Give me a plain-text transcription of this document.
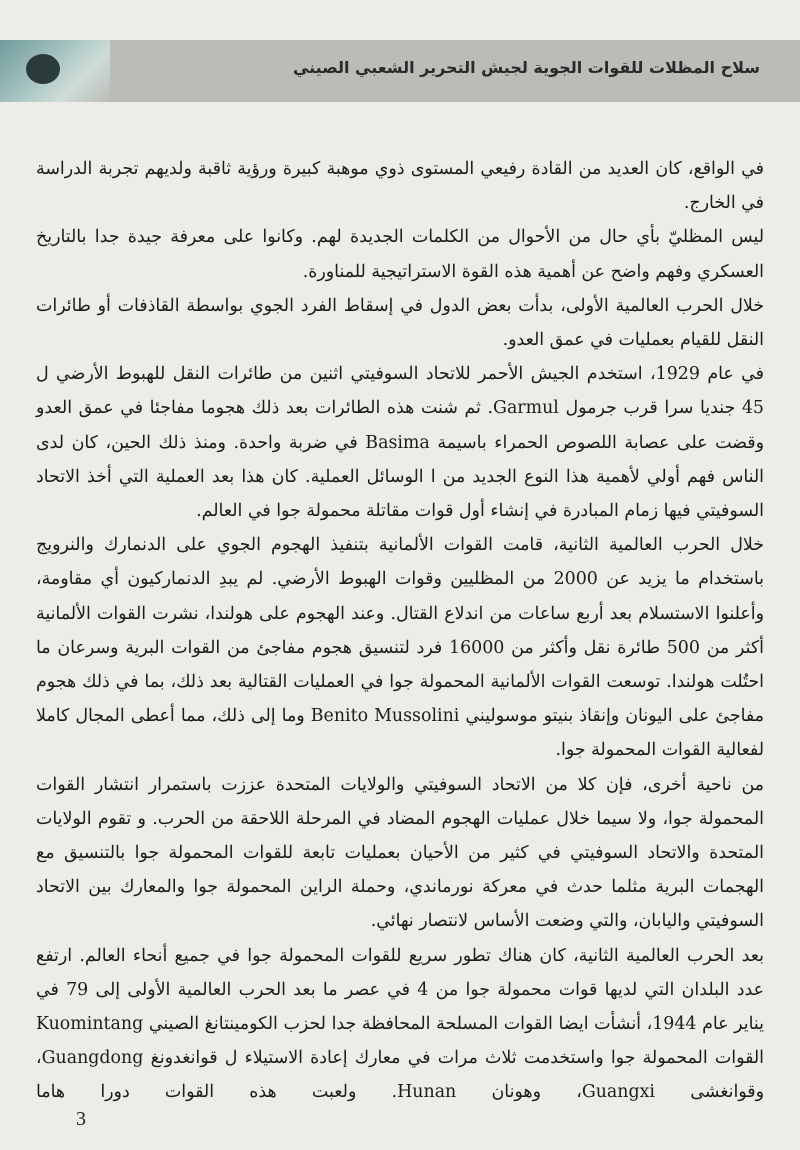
سلاح المظلات للقوات الجوية لجيش التحرير الشعبي الصيني

في الواقع، كان العديد من القادة رفيعي المستوى ذوي موهبة كبيرة ورؤية ثاقبة ولديهم تجربة الدراسة في الخارج.

ليس المظليّ بأي حال من الأحوال من الكلمات الجديدة لهم. وكانوا على معرفة جيدة جدا بالتاريخ العسكري وفهم واضح عن أهمية هذه القوة الاستراتيجية للمناورة.

خلال الحرب العالمية الأولى، بدأت بعض الدول في إسقاط الفرد الجوي بواسطة القاذفات أو طائرات النقل للقيام بعمليات في عمق العدو.

في عام 1929، استخدم الجيش الأحمر للاتحاد السوفيتي اثنين من طائرات النقل للهبوط الأرضي ل 45 جنديا سرا قرب جرمول Garmul. ثم شنت هذه الطائرات بعد ذلك هجوما مفاجئا في عمق العدو وقضت على عصابة اللصوص الحمراء باسيمة Basima في ضربة واحدة. ومنذ ذلك الحين، كان لدى الناس فهم أولي لأهمية هذا النوع الجديد من ا الوسائل العملية. كان هذا بعد العملية التي أخذ الاتحاد السوفيتي فيها زمام المبادرة في إنشاء أول قوات مقاتلة محمولة جوا في العالم.

خلال الحرب العالمية الثانية، قامت القوات الألمانية بتنفيذ الهجوم الجوي على الدنمارك والنرويج باستخدام ما يزيد عن 2000 من المظليين وقوات الهبوط الأرضي. لم يبدِ الدنماركيون أي مقاومة، وأعلنوا الاستسلام بعد أربع ساعات من اندلاع القتال. وعند الهجوم على هولندا، نشرت القوات الألمانية أكثر من 500 طائرة نقل وأكثر من 16000 فرد لتنسيق هجوم مفاجئ من القوات البرية وسرعان ما احتُلت هولندا. توسعت القوات الألمانية المحمولة جوا في العمليات القتالية بعد ذلك، بما في ذلك هجوم مفاجئ على اليونان وإنقاذ بنيتو موسوليني Benito Mussolini وما إلى ذلك، مما أعطى المجال كاملا لفعالية القوات المحمولة جوا.

من ناحية أخرى، فإن كلا من الاتحاد السوفيتي والولايات المتحدة عززت باستمرار انتشار القوات المحمولة جوا، ولا سيما خلال عمليات الهجوم المضاد في المرحلة اللاحقة من الحرب. و تقوم الولايات المتحدة والاتحاد السوفيتي في كثير من الأحيان بعمليات تابعة للقوات المحمولة جوا بالتنسيق مع الهجمات البرية مثلما حدث في معركة نورماندي، وحملة الراين المحمولة جوا والمعارك بين الاتحاد السوفيتي واليابان، والتي وضعت الأساس لانتصار نهائي.

بعد الحرب العالمية الثانية، كان هناك تطور سريع للقوات المحمولة جوا في جميع أنحاء العالم. ارتفع عدد البلدان التي لديها قوات محمولة جوا من 4 في عصر ما بعد الحرب العالمية الأولى إلى 79 في يناير عام 1944، أنشأت ايضا القوات المسلحة المحافظة جدا لحزب الكومينتانغ الصيني Kuomintang القوات المحمولة جوا واستخدمت ثلاث مرات في معارك إعادة الاستيلاء ل قوانغدونغ Guangdong، وقوانغشى Guangxi، وهونان Hunan. ولعبت هذه القوات دورا هاما

3
